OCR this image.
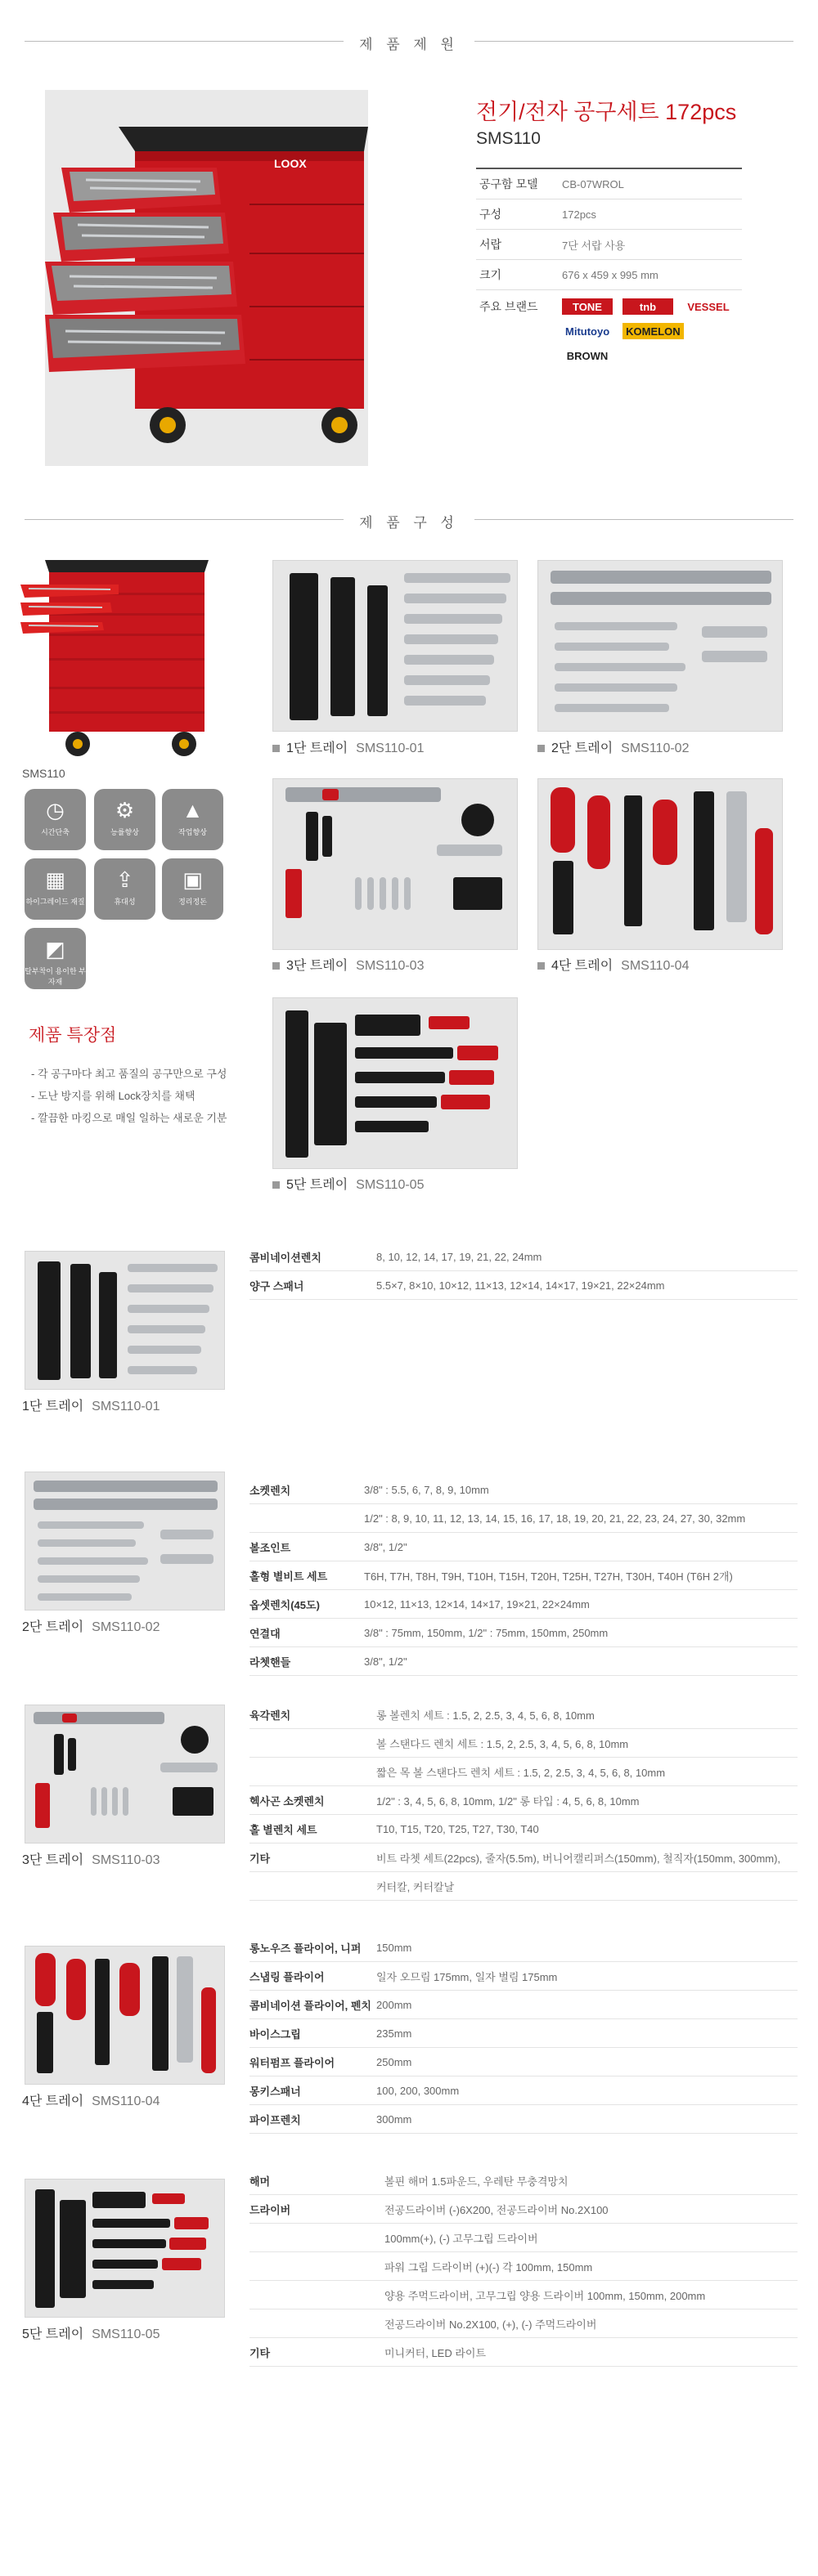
제 품 제 원
LOOX
전기/전자 공구세트 172pcs
SMS110
공구함 모델	CB-07WROL
구성	172pcs
서랍	7단 서랍 사용
크기	676 x 459 x 995 mm
주요 브랜드	TONE	tnb	VESSEL
Mitutoyo	KOMELON
BROWN
제 품 구 성
SMS110
◷
시간단축
⚙
능률향상
▲
작업향상
▦
하이그레이드 재질
⇪
휴대성
▣
정리정돈
◩
탈부착이 용이한 부자재
제품 특장점
- 각 공구마다 최고 품질의 공구만으로 구성
- 도난 방지를 위해 Lock장치를 채택
- 깔끔한 마킹으로 매일 일하는 새로운 기분
1단 트레이 SMS110-01	2단 트레이 SMS110-02
3단 트레이 SMS110-03	4단 트레이 SMS110-04
5단 트레이 SMS110-05
1단 트레이 SMS110-01
콤비네이션렌치	8, 10, 12, 14, 17, 19, 21, 22, 24mm
양구 스패너	5.5×7, 8×10, 10×12, 11×13, 12×14, 14×17, 19×21, 22×24mm
2단 트레이 SMS110-02
소켓렌치	3/8" : 5.5, 6, 7, 8, 9, 10mm
1/2" : 8, 9, 10, 11, 12, 13, 14, 15, 16, 17, 18, 19, 20, 21, 22, 23, 24, 27, 30, 32mm
볼조인트	3/8", 1/2"
홀형 별비트 세트	T6H, T7H, T8H, T9H, T10H, T15H, T20H, T25H, T27H, T30H, T40H (T6H 2개)
옵셋렌치(45도)	10×12, 11×13, 12×14, 14×17, 19×21, 22×24mm
연결대	3/8" : 75mm, 150mm, 1/2" : 75mm, 150mm, 250mm
라쳇핸들	3/8", 1/2"
3단 트레이 SMS110-03
육각렌치	롱 볼렌치 세트 : 1.5, 2, 2.5, 3, 4, 5, 6, 8, 10mm
볼 스탠다드 렌치 세트 : 1.5, 2, 2.5, 3, 4, 5, 6, 8, 10mm
짧은 목 볼 스탠다드 렌치 세트 : 1.5, 2, 2.5, 3, 4, 5, 6, 8, 10mm
헥사곤 소켓렌치	1/2" : 3, 4, 5, 6, 8, 10mm, 1/2" 롱 타입 : 4, 5, 6, 8, 10mm
홀 별렌치 세트	T10, T15, T20, T25, T27, T30, T40
기타	비트 라쳇 세트(22pcs), 줄자(5.5m), 버니어캘리퍼스(150mm), 철직자(150mm, 300mm),
커터칼, 커터칼날
4단 트레이 SMS110-04
롱노우즈 플라이어, 니퍼	150mm
스냅링 플라이어	일자 오므림 175mm, 일자 벌림 175mm
콤비네이션 플라이어, 펜치 200mm
바이스그립	235mm
워터펌프 플라이어	250mm
몽키스패너	100, 200, 300mm
파이프렌치	300mm
5단 트레이 SMS110-05
해머	볼핀 해머 1.5파운드, 우레탄 무충격망치
드라이버	전공드라이버 (-)6X200, 전공드라이버 No.2X100
100mm(+), (-) 고무그립 드라이버
파워 그립 드라이버 (+)(-) 각 100mm, 150mm
양용 주먹드라이버, 고무그립 양용 드라이버 100mm, 150mm, 200mm
전공드라이버 No.2X100, (+), (-) 주먹드라이버
기타	미니커터, LED 라이트
